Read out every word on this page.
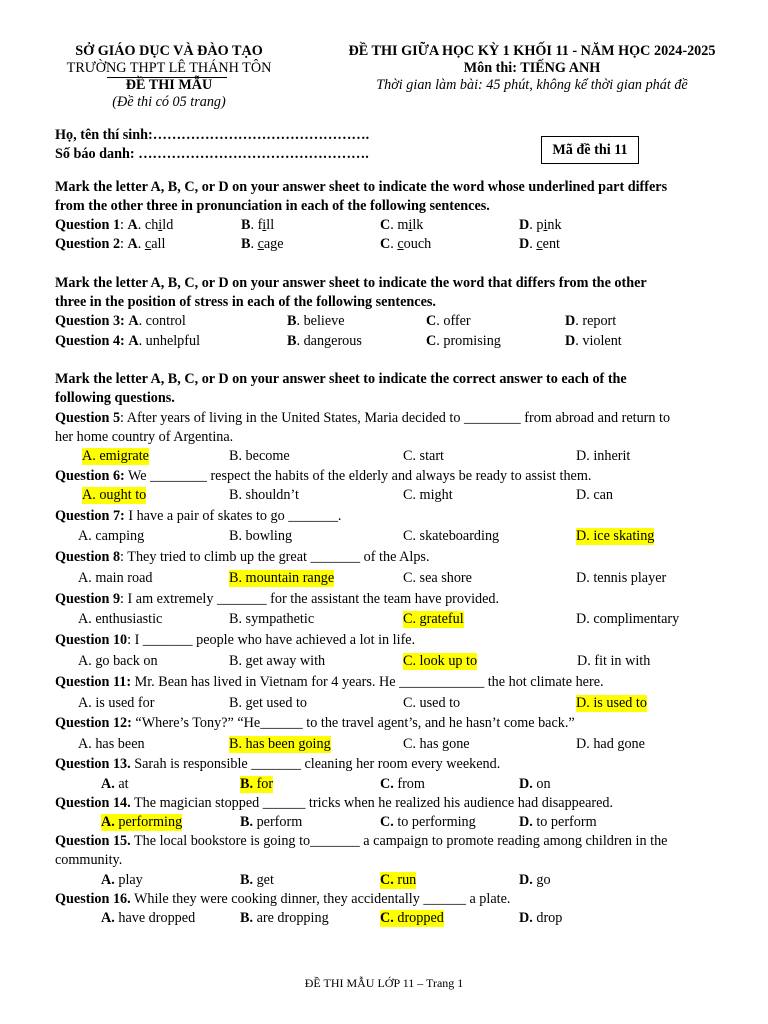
SỞ GIÁO DỤC VÀ ĐÀO TẠO
TRƯỜNG THPT LÊ THÁNH TÔN
ĐỀ THI MẪU
(Đề thi có 05 trang)
ĐỀ THI GIỮA HỌC KỲ 1 KHỐI 11 - NĂM HỌC 2024-2025
Môn thi: TIẾNG ANH
Thời gian làm bài: 45 phút, không kể thời gian phát đề
Họ, tên thí sinh:……………………………………….
Số báo danh: ………………………………………….	Mã đề thi 11
Mark the letter A, B, C, or D on your answer sheet to indicate the word whose underlined part differs
from the other three in pronunciation in each of the following sentences.
Question 1: A. child	B. fill	C. milk	D. pink
Question 2: A. call	B. cage	C. couch	D. cent
Mark the letter A, B, C, or D on your answer sheet to indicate the word that differs from the other
three in the position of stress in each of the following sentences.
Question 3: A. control	B. believe	C. offer	D. report
Question 4: A. unhelpful	B. dangerous	C. promising	D. violent
Mark the letter A, B, C, or D on your answer sheet to indicate the correct answer to each of the
following questions.
Question 5: After years of living in the United States, Maria decided to ________ from abroad and return to
her home country of Argentina.
A. emigrate	B. become	C. start	D. inherit
Question 6: We ________ respect the habits of the elderly and always be ready to assist them.
A. ought to	B. shouldn’t	C. might	D. can
Question 7: I have a pair of skates to go _______.
A. camping	B. bowling	C. skateboarding	D. ice skating
Question 8: They tried to climb up the great _______ of the Alps.
A. main road	B. mountain range	C. sea shore	D. tennis player
Question 9: I am extremely _______ for the assistant the team have provided.
A. enthusiastic	B. sympathetic	C. grateful	D. complimentary
Question 10: I _______ people who have achieved a lot in life.
A. go back on	B. get away with	C. look up to	D. fit in with
Question 11: Mr. Bean has lived in Vietnam for 4 years. He ____________ the hot climate here.
A. is used for	B. get used to	C. used to	D. is used to
Question 12: “Where’s Tony?” “He______ to the travel agent’s, and he hasn’t come back.”
A. has been	B. has been going	C. has gone	D. had gone
Question 13. Sarah is responsible _______ cleaning her room every weekend.
A. at	B. for	C. from	D. on
Question 14. The magician stopped ______ tricks when he realized his audience had disappeared.
A. performing	B. perform	C. to performing	D. to perform
Question 15. The local bookstore is going to_______ a campaign to promote reading among children in the
community.
A. play	B. get	C. run	D. go
Question 16. While they were cooking dinner, they accidentally ______ a plate.
A. have dropped	B. are dropping	C. dropped	D. drop
ĐỀ THI MẪU LỚP 11 – Trang 1
